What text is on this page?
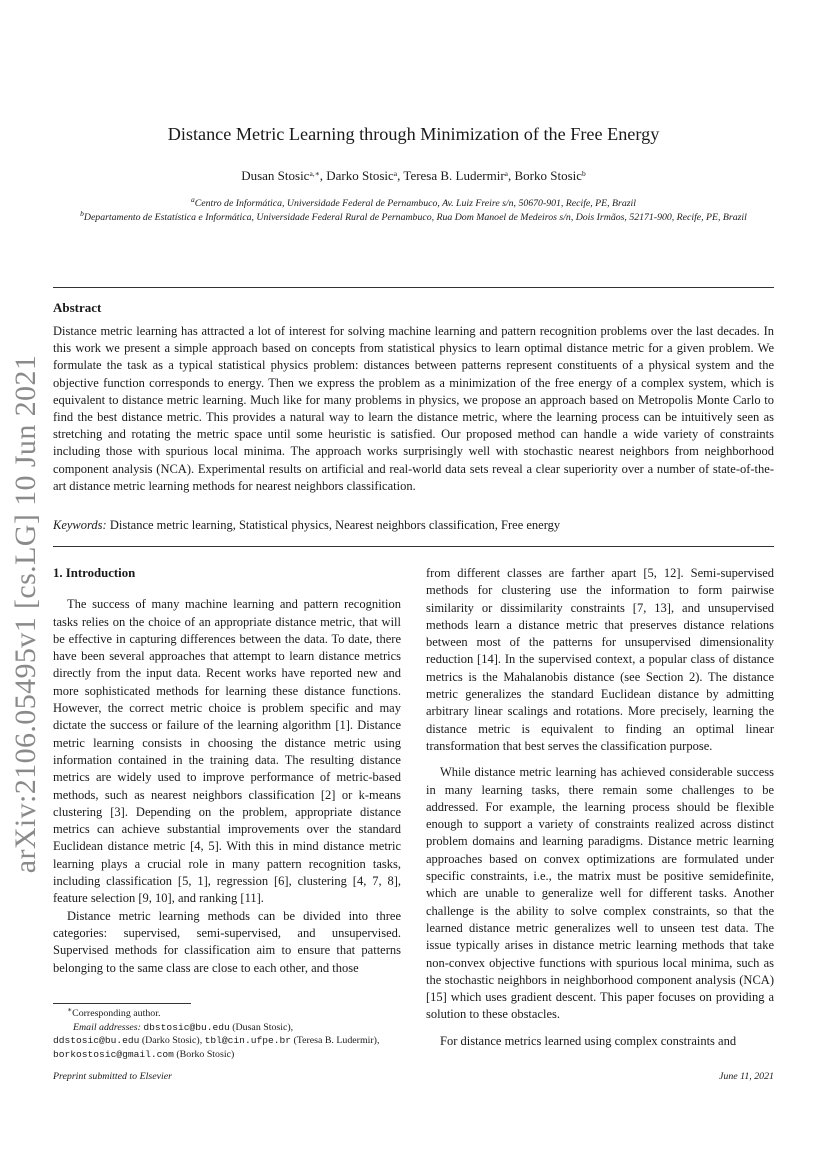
arXiv:2106.05495v1 [cs.LG] 10 Jun 2021
Distance Metric Learning through Minimization of the Free Energy
Dusan Stosic$^{a,∗}$, Darko Stosic$^a$, Teresa B. Ludermir$^a$, Borko Stosic$^b$
$^a$Centro de Informática, Universidade Federal de Pernambuco, Av. Luiz Freire s/n, 50670-901, Recife, PE, Brazil
$^b$Departamento de Estatística e Informática, Universidade Federal Rural de Pernambuco, Rua Dom Manoel de Medeiros s/n, Dois Irmãos, 52171-900, Recife, PE, Brazil
Abstract
Distance metric learning has attracted a lot of interest for solving machine learning and pattern recognition problems over the last decades. In this work we present a simple approach based on concepts from statistical physics to learn optimal distance metric for a given problem. We formulate the task as a typical statistical physics problem: distances between patterns represent constituents of a physical system and the objective function corresponds to energy. Then we express the problem as a minimization of the free energy of a complex system, which is equivalent to distance metric learning. Much like for many problems in physics, we propose an approach based on Metropolis Monte Carlo to find the best distance metric. This provides a natural way to learn the distance metric, where the learning process can be intuitively seen as stretching and rotating the metric space until some heuristic is satisfied. Our proposed method can handle a wide variety of constraints including those with spurious local minima. The approach works surprisingly well with stochastic nearest neighbors from neighborhood component analysis (NCA). Experimental results on artificial and real-world data sets reveal a clear superiority over a number of state-of-the-art distance metric learning methods for nearest neighbors classification.
Keywords: Distance metric learning, Statistical physics, Nearest neighbors classification, Free energy
1. Introduction

The success of many machine learning and pattern recognition tasks relies on the choice of an appropriate distance metric, that will be effective in capturing differences between the data. To date, there have been several approaches that attempt to learn distance metrics directly from the input data. Recent works have reported new and more sophisticated methods for learning these distance functions. However, the correct metric choice is problem specific and may dictate the success or failure of the learning algorithm [1]. Distance metric learning consists in choosing the distance metric using information contained in the training data. The resulting distance metrics are widely used to improve performance of metric-based methods, such as nearest neighbors classification [2] or k-means clustering [3]. Depending on the problem, appropriate distance metrics can achieve substantial improvements over the standard Euclidean distance metric [4, 5]. With this in mind distance metric learning plays a crucial role in many pattern recognition tasks, including classification [5, 1], regression [6], clustering [4, 7, 8], feature selection [9, 10], and ranking [11].

Distance metric learning methods can be divided into three categories: supervised, semi-supervised, and unsupervised. Supervised methods for classification aim to ensure that patterns belonging to the same class are close to each other, and those

from different classes are farther apart [5, 12]. Semi-supervised methods for clustering use the information to form pairwise similarity or dissimilarity constraints [7, 13], and unsupervised methods learn a distance metric that preserves distance relations between most of the patterns for unsupervised dimensionality reduction [14]. In the supervised context, a popular class of distance metrics is the Mahalanobis distance (see Section 2). The distance metric generalizes the standard Euclidean distance by admitting arbitrary linear scalings and rotations. More precisely, learning the distance metric is equivalent to finding an optimal linear transformation that best serves the classification purpose.

While distance metric learning has achieved considerable success in many learning tasks, there remain some challenges to be addressed. For example, the learning process should be flexible enough to support a variety of constraints realized across distinct problem domains and learning paradigms. Distance metric learning approaches based on convex optimizations are formulated under specific constraints, i.e., the matrix must be positive semidefinite, which are unable to generalize well for different tasks. Another challenge is the ability to solve complex constraints, so that the learned distance metric generalizes well to unseen test data. The issue typically arises in distance metric learning methods that take non-convex objective functions with spurious local minima, such as the stochastic neighbors in neighborhood component analysis (NCA) [15] which uses gradient descent. This paper focuses on providing a solution to these obstacles.

For distance metrics learned using complex constraints and

∗Corresponding author.
Email addresses: dbstosic@bu.edu (Dusan Stosic),
ddstosic@bu.edu (Darko Stosic), tbl@cin.ufpe.br (Teresa B. Ludermir),
borkostosic@gmail.com (Borko Stosic)
Preprint submitted to Elsevier	June 11, 2021
